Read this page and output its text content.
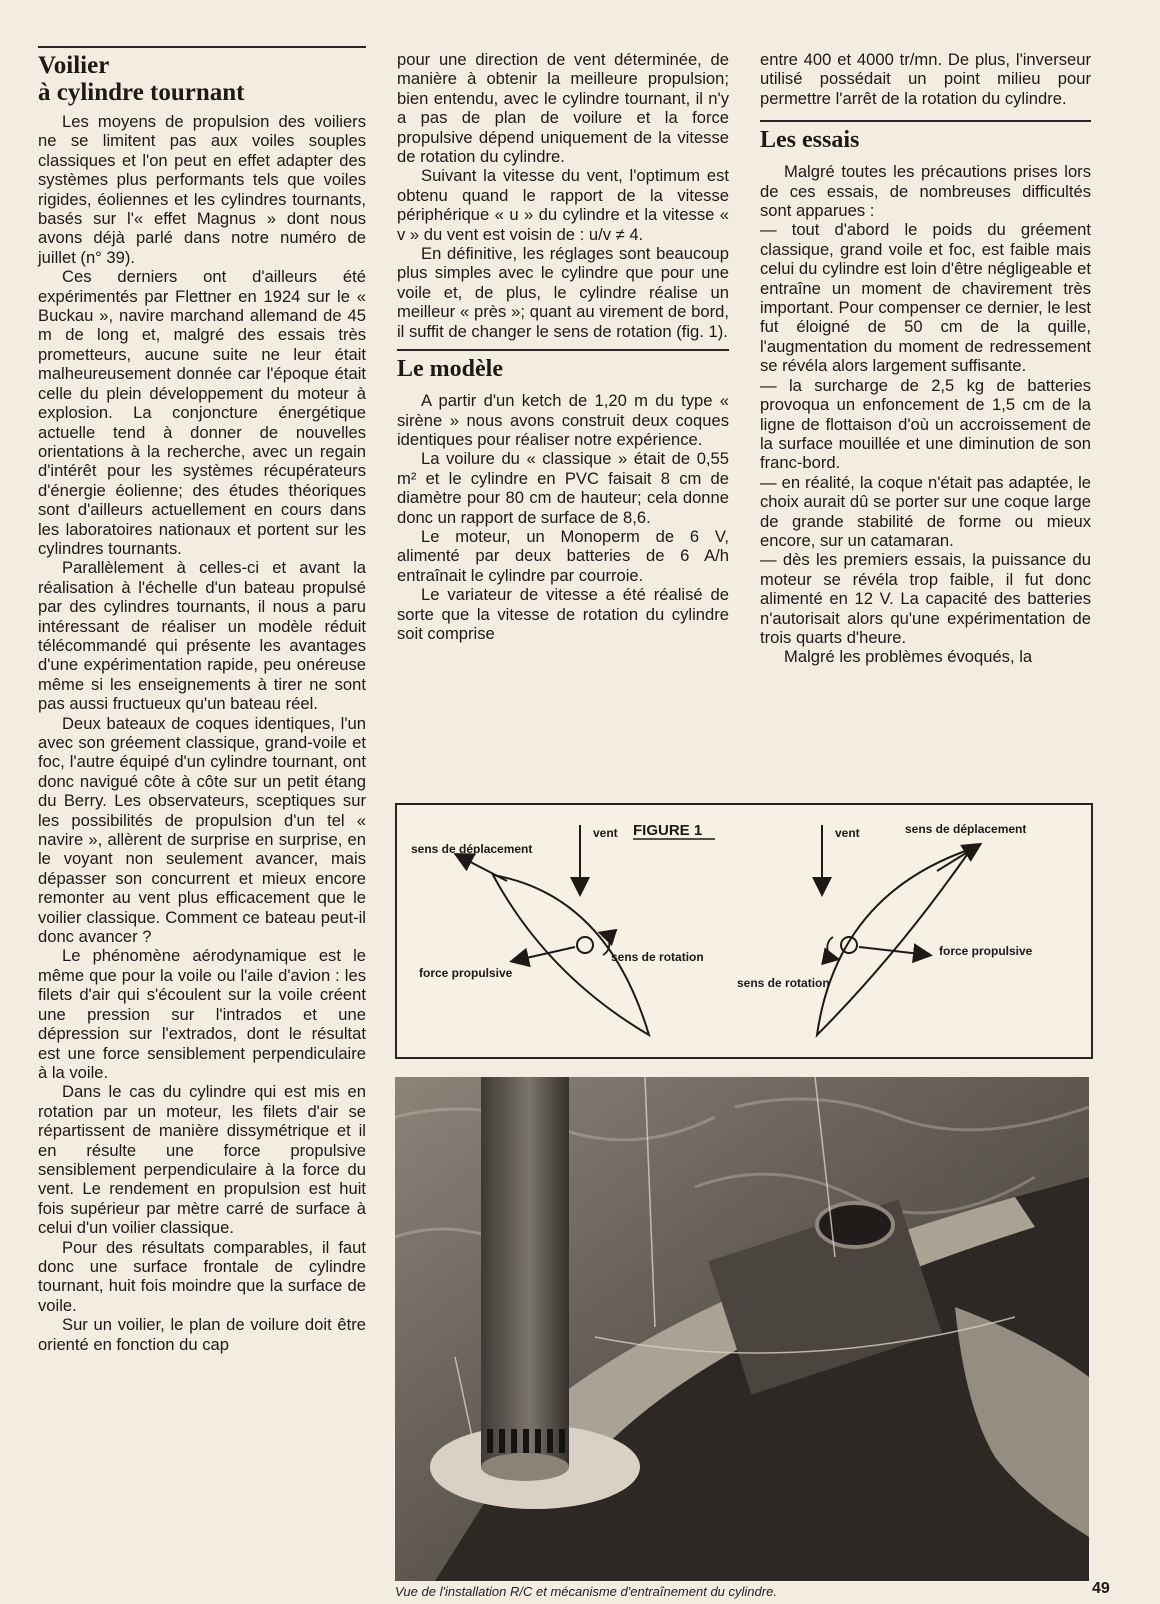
Voilier
à cylindre tournant

Les moyens de propulsion des voiliers ne se limitent pas aux voiles souples classiques et l'on peut en effet adapter des systèmes plus performants tels que voiles rigides, éoliennes et les cylindres tournants, basés sur l'« effet Magnus » dont nous avons déjà parlé dans notre numéro de juillet (n° 39).

Ces derniers ont d'ailleurs été expérimentés par Flettner en 1924 sur le « Buckau », navire marchand allemand de 45 m de long et, malgré des essais très prometteurs, aucune suite ne leur était malheureusement donnée car l'époque était celle du plein développement du moteur à explosion. La conjoncture énergétique actuelle tend à donner de nouvelles orientations à la recherche, avec un regain d'intérêt pour les systèmes récupérateurs d'énergie éolienne; des études théoriques sont d'ailleurs actuellement en cours dans les laboratoires nationaux et portent sur les cylindres tournants.

Parallèlement à celles-ci et avant la réalisation à l'échelle d'un bateau propulsé par des cylindres tournants, il nous a paru intéressant de réaliser un modèle réduit télécommandé qui présente les avantages d'une expérimentation rapide, peu onéreuse même si les enseignements à tirer ne sont pas aussi fructueux qu'un bateau réel.

Deux bateaux de coques identiques, l'un avec son gréement classique, grand-voile et foc, l'autre équipé d'un cylindre tournant, ont donc navigué côte à côte sur un petit étang du Berry. Les observateurs, sceptiques sur les possibilités de propulsion d'un tel « navire », allèrent de surprise en surprise, en le voyant non seulement avancer, mais dépasser son concurrent et mieux encore remonter au vent plus efficacement que le voilier classique. Comment ce bateau peut-il donc avancer ?

Le phénomène aérodynamique est le même que pour la voile ou l'aile d'avion : les filets d'air qui s'écoulent sur la voile créent une pression sur l'intrados et une dépression sur l'extrados, dont le résultat est une force sensiblement perpendiculaire à la voile.

Dans le cas du cylindre qui est mis en rotation par un moteur, les filets d'air se répartissent de manière dissymétrique et il en résulte une force propulsive sensiblement perpendiculaire à la force du vent. Le rendement en propulsion est huit fois supérieur par mètre carré de surface à celui d'un voilier classique.

Pour des résultats comparables, il faut donc une surface frontale de cylindre tournant, huit fois moindre que la surface de voile.

Sur un voilier, le plan de voilure doit être orienté en fonction du cap

pour une direction de vent déterminée, de manière à obtenir la meilleure propulsion; bien entendu, avec le cylindre tournant, il n'y a pas de plan de voilure et la force propulsive dépend uniquement de la vitesse de rotation du cylindre.

Suivant la vitesse du vent, l'optimum est obtenu quand le rapport de la vitesse périphérique « u » du cylindre et la vitesse « v » du vent est voisin de : u/v ≠ 4.

En définitive, les réglages sont beaucoup plus simples avec le cylindre que pour une voile et, de plus, le cylindre réalise un meilleur « près »; quant au virement de bord, il suffit de changer le sens de rotation (fig. 1).

Le modèle

A partir d'un ketch de 1,20 m du type « sirène » nous avons construit deux coques identiques pour réaliser notre expérience.

La voilure du « classique » était de 0,55 m² et le cylindre en PVC faisait 8 cm de diamètre pour 80 cm de hauteur; cela donne donc un rapport de surface de 8,6.

Le moteur, un Monoperm de 6 V, alimenté par deux batteries de 6 A/h entraînait le cylindre par courroie.

Le variateur de vitesse a été réalisé de sorte que la vitesse de rotation du cylindre soit comprise

entre 400 et 4000 tr/mn. De plus, l'inverseur utilisé possédait un point milieu pour permettre l'arrêt de la rotation du cylindre.

Les essais

Malgré toutes les précautions prises lors de ces essais, de nombreuses difficultés sont apparues :

— tout d'abord le poids du gréement classique, grand voile et foc, est faible mais celui du cylindre est loin d'être négligeable et entraîne un moment de chavirement très important. Pour compenser ce dernier, le lest fut éloigné de 50 cm de la quille, l'augmentation du moment de redressement se révéla alors largement suffisante.

— la surcharge de 2,5 kg de batteries provoqua un enfoncement de 1,5 cm de la ligne de flottaison d'où un accroissement de la surface mouillée et une diminution de son franc-bord.

— en réalité, la coque n'était pas adaptée, le choix aurait dû se porter sur une coque large de grande stabilité de forme ou mieux encore, sur un catamaran.

— dès les premiers essais, la puissance du moteur se révéla trop faible, il fut donc alimenté en 12 V. La capacité des batteries n'autorisait alors qu'une expérimentation de trois quarts d'heure.

Malgré les problèmes évoqués, la

FIGURE 1
vent
sens de déplacement
sens de rotation
force propulsive
vent	sens de déplacement
sens de rotation
force propulsive
Vue de l'installation R/C et mécanisme d'entraînement du cylindre.	49
